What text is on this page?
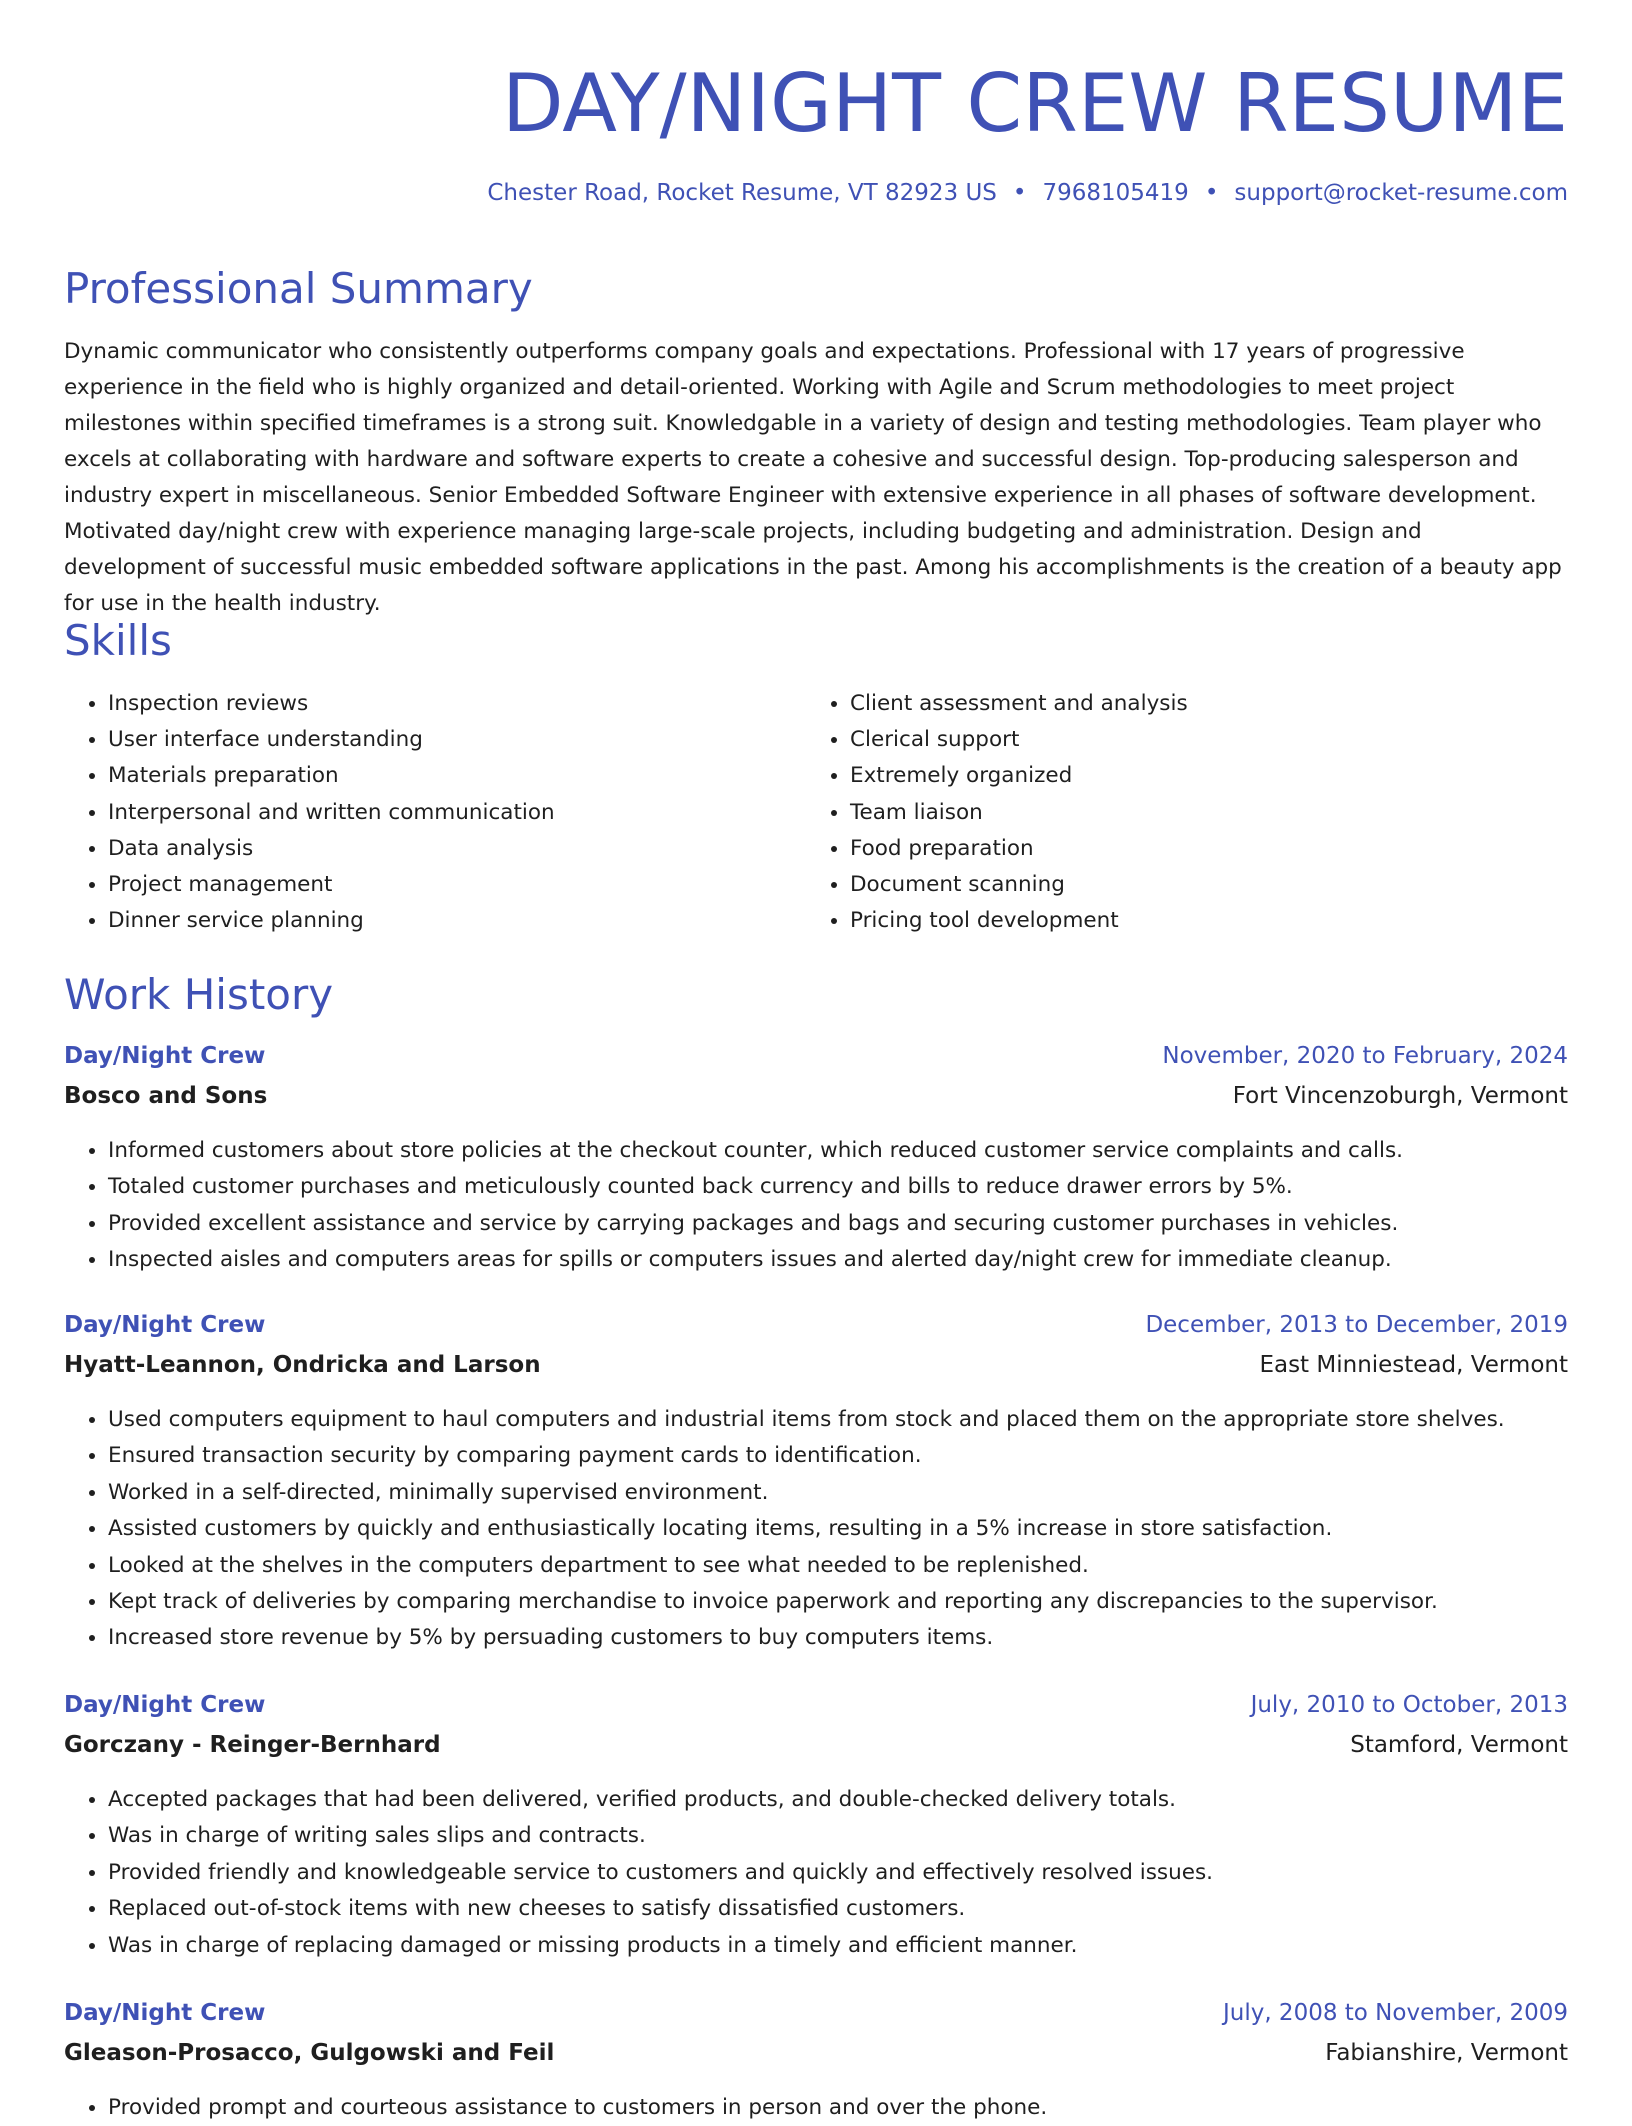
DAY/NIGHT CREW RESUME
Chester Road, Rocket Resume, VT 82923 US • 7968105419 • support@rocket-resume.com
Professional Summary

Dynamic communicator who consistently outperforms company goals and expectations. Professional with 17 years of progressive experience in the field who is highly organized and detail-oriented. Working with Agile and Scrum methodologies to meet project milestones within specified timeframes is a strong suit. Knowledgable in a variety of design and testing methodologies. Team player who excels at collaborating with hardware and software experts to create a cohesive and successful design. Top-producing salesperson and industry expert in miscellaneous. Senior Embedded Software Engineer with extensive experience in all phases of software development. Motivated day/night crew with experience managing large-scale projects, including budgeting and administration. Design and development of successful music embedded software applications in the past. Among his accomplishments is the creation of a beauty app for use in the health industry.

Skills
• Inspection reviews
• User interface understanding
• Materials preparation
• Interpersonal and written communication
• Data analysis
• Project management
• Dinner service planning
• Client assessment and analysis
• Clerical support
• Extremely organized
• Team liaison
• Food preparation
• Document scanning
• Pricing tool development
Work History
Day/Night Crew	November, 2020 to February, 2024
Bosco and Sons	Fort Vincenzoburgh, Vermont
• Informed customers about store policies at the checkout counter, which reduced customer service complaints and calls.
• Totaled customer purchases and meticulously counted back currency and bills to reduce drawer errors by 5%.
• Provided excellent assistance and service by carrying packages and bags and securing customer purchases in vehicles.
• Inspected aisles and computers areas for spills or computers issues and alerted day/night crew for immediate cleanup.
Day/Night Crew	December, 2013 to December, 2019
Hyatt-Leannon, Ondricka and Larson	East Minniestead, Vermont
• Used computers equipment to haul computers and industrial items from stock and placed them on the appropriate store shelves.
• Ensured transaction security by comparing payment cards to identification.
• Worked in a self-directed, minimally supervised environment.
• Assisted customers by quickly and enthusiastically locating items, resulting in a 5% increase in store satisfaction.
• Looked at the shelves in the computers department to see what needed to be replenished.
• Kept track of deliveries by comparing merchandise to invoice paperwork and reporting any discrepancies to the supervisor.
• Increased store revenue by 5% by persuading customers to buy computers items.
Day/Night Crew	July, 2010 to October, 2013
Gorczany - Reinger-Bernhard	Stamford, Vermont
• Accepted packages that had been delivered, verified products, and double-checked delivery totals.
• Was in charge of writing sales slips and contracts.
• Provided friendly and knowledgeable service to customers and quickly and effectively resolved issues.
• Replaced out-of-stock items with new cheeses to satisfy dissatisfied customers.
• Was in charge of replacing damaged or missing products in a timely and efficient manner.
Day/Night Crew	July, 2008 to November, 2009
Gleason-Prosacco, Gulgowski and Feil	Fabianshire, Vermont
• Provided prompt and courteous assistance to customers in person and over the phone.
